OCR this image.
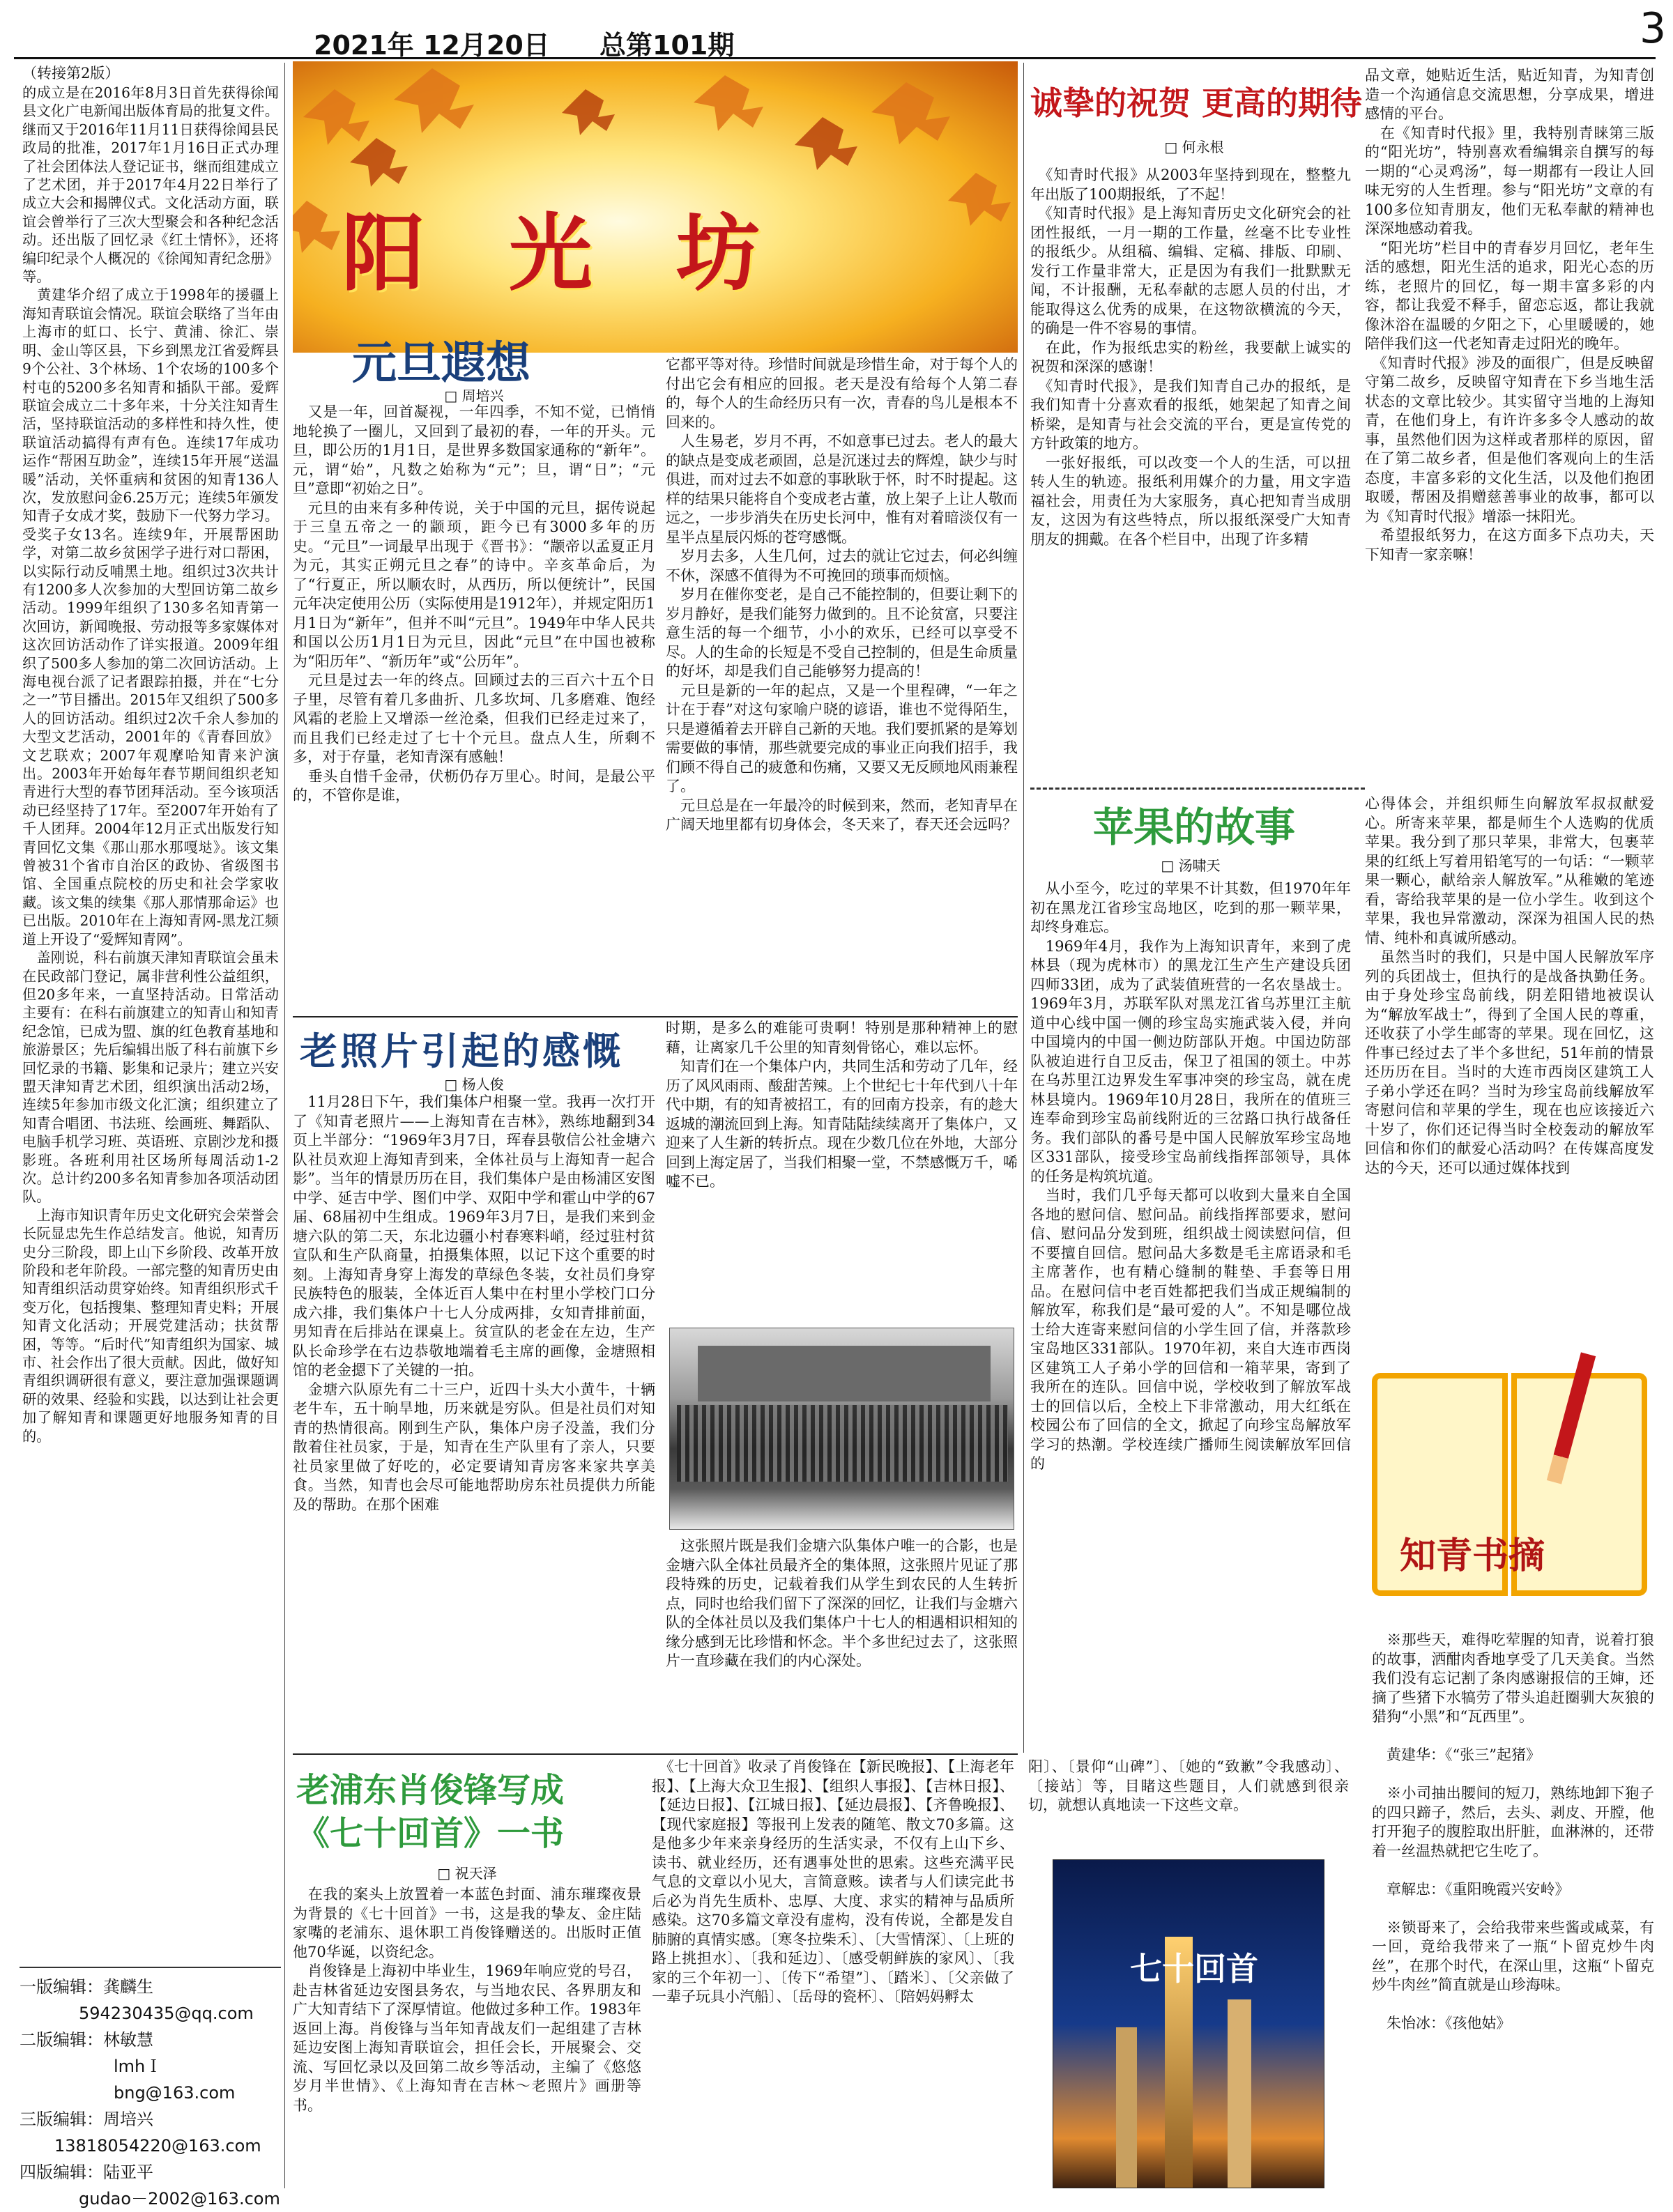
2021年 12月20日 总第101期	3
（转接第2版）
的成立是在2016年8月3日首先获得徐闻县文化广电新闻出版体育局的批复文件。继而又于2016年11月11日获得徐闻县民政局的批准，2017年1月16日正式办理了社会团体法人登记证书，继而组建成立了艺术团，并于2017年4月22日举行了成立大会和揭牌仪式。文化活动方面，联谊会曾举行了三次大型聚会和各种纪念活动。还出版了回忆录《红土情怀》，还将编印纪录个人概况的《徐闻知青纪念册》等。
　黄建华介绍了成立于1998年的援疆上海知青联谊会情况。联谊会联络了当年由上海市的虹口、长宁、黄浦、徐汇、崇明、金山等区县，下乡到黑龙江省爱辉县9个公社、3个林场、1个农场的100多个村屯的5200多名知青和插队干部。爱辉联谊会成立二十多年来，十分关注知青生活，坚持联谊活动的多样性和持久性，使联谊活动搞得有声有色。连续17年成功运作“帮困互助金”，连续15年开展“送温暖”活动，关怀重病和贫困的知青136人次，发放慰问金6.25万元；连续5年颁发知青子女成才奖，鼓励下一代努力学习。受奖子女13名。连续9年，开展帮困助学，对第二故乡贫困学子进行对口帮困，以实际行动反哺黑土地。组织过3次共计有1200多人次参加的大型回访第二故乡活动。1999年组织了130多名知青第一次回访，新闻晚报、劳动报等多家媒体对这次回访活动作了详实报道。2009年组织了500多人参加的第二次回访活动。上海电视台派了记者跟踪拍摄，并在“七分之一”节目播出。2015年又组织了500多人的回访活动。组织过2次千余人参加的大型文艺活动，2001年的《青春回放》文艺联欢；2007年观摩哈知青来沪演出。2003年开始每年春节期间组织老知青进行大型的春节团拜活动。至今该项活动已经坚持了17年。至2007年开始有了千人团拜。2004年12月正式出版发行知青回忆文集《那山那水那嘎垯》。该文集曾被31个省市自治区的政协、省级图书馆、全国重点院校的历史和社会学家收藏。该文集的续集《那人那情那命运》也已出版。2010年在上海知青网-黑龙江频道上开设了“爱辉知青网”。
　盖刚说，科右前旗天津知青联谊会虽未在民政部门登记，属非营利性公益组织，但20多年来，一直坚持活动。日常活动主要有：在科右前旗建立的知青山和知青纪念馆，已成为盟、旗的红色教育基地和旅游景区；先后编辑出版了科右前旗下乡回忆录的书籍、影集和记录片；建立兴安盟天津知青艺术团，组织演出活动2场，连续5年参加市级文化汇演；组织建立了知青合唱团、书法班、绘画班、舞蹈队、电脑手机学习班、英语班、京剧沙龙和摄影班。各班利用社区场所每周活动1-2次。总计约200多名知青参加各项活动团队。
　上海市知识青年历史文化研究会荣誉会长阮显忠先生作总结发言。他说，知青历史分三阶段，即上山下乡阶段、改革开放阶段和老年阶段。一部完整的知青历史由知青组织活动贯穿始终。知青组织形式千变万化，包括搜集、整理知青史料；开展知青文化活动；开展党建活动；扶贫帮困，等等。“后时代”知青组织为国家、城市、社会作出了很大贡献。因此，做好知青组织调研很有意义，要注意加强课题调研的效果、经验和实践，以达到让社会更加了解知青和课题更好地服务知青的目的。
一版编辑：龚麟生
594230435@qq.com
二版编辑：林敏慧
lmhＩbng@163.com
三版编辑：周培兴
13818054220@163.com
四版编辑：陆亚平
gudao－2002@163.com
阳光坊
元旦遐想
□ 周培兴
　又是一年，回首凝视，一年四季，不知不觉，已悄悄地轮换了一圈儿，又回到了最初的春，一年的开头。元旦，即公历的1月1日，是世界多数国家通称的“新年”。元，谓“始”，凡数之始称为“元”；旦，谓“日”；“元旦”意即“初始之日”。
　元旦的由来有多种传说，关于中国的元旦，据传说起于三皇五帝之一的颛顼，距今已有3000多年的历史。“元旦”一词最早出现于《晋书》：“颛帝以孟夏正月为元，其实正朔元旦之春”的诗中。辛亥革命后，为了“行夏正，所以顺农时，从西历，所以便统计”，民国元年决定使用公历（实际使用是1912年），并规定阳历1月1日为“新年”，但并不叫“元旦”。1949年中华人民共和国以公历1月1日为元旦，因此“元旦”在中国也被称为“阳历年”、“新历年”或“公历年”。
　元旦是过去一年的终点。回顾过去的三百六十五个日子里，尽管有着几多曲折、几多坎坷、几多磨难、饱经风霜的老脸上又增添一丝沧桑，但我们已经走过来了，而且我们已经走过了七十个元旦。盘点人生，所剩不多，对于存量，老知青深有感触！
　垂头自惜千金帚，伏枥仍存万里心。时间，是最公平的，不管你是谁，
它都平等对待。珍惜时间就是珍惜生命，对于每个人的付出它会有相应的回报。老天是没有给每个人第二春的，每个人的生命经历只有一次，青春的鸟儿是根本不回来的。
　人生易老，岁月不再，不如意事已过去。老人的最大的缺点是变成老顽固，总是沉迷过去的辉煌，缺少与时俱进，而对过去不如意的事耿耿于怀，时不时提起。这样的结果只能将自个变成老古董，放上架子上让人敬而远之，一步步消失在历史长河中，惟有对着暗淡仅有一星半点星辰闪烁的苍穹感慨。
　岁月去多，人生几何，过去的就让它过去，何必纠缠不休，深感不值得为不可挽回的琐事而烦恼。
　岁月在催你变老，是自己不能控制的，但要让剩下的岁月静好，是我们能努力做到的。且不论贫富，只要注意生活的每一个细节，小小的欢乐，已经可以享受不尽。人的生命的长短是不受自己控制的，但是生命质量的好坏，却是我们自己能够努力提高的！
　元旦是新的一年的起点，又是一个里程碑，“一年之计在于春”对这句家喻户晓的谚语，谁也不觉得陌生，只是遵循着去开辟自己新的天地。我们要抓紧的是筹划需要做的事情，那些就要完成的事业正向我们招手，我们顾不得自己的疲惫和伤痛，又要又无反顾地风雨兼程了。
　元旦总是在一年最冷的时候到来，然而，老知青早在广阔天地里都有切身体会，冬天来了，春天还会远吗？
老照片引起的感慨
□ 杨人俊
　11月28日下午，我们集体户相聚一堂。我再一次打开了《知青老照片——上海知青在吉林》，熟练地翻到34页上半部分：“1969年3月7日，珲春县敬信公社金塘六队社员欢迎上海知青到来，全体社员与上海知青一起合影”。当年的情景历历在目，我们集体户是由杨浦区安图中学、延吉中学、图们中学、双阳中学和霍山中学的67届、68届初中生组成。1969年3月7日，是我们来到金塘六队的第二天，东北边疆小村春寒料峭，经过驻村贫宣队和生产队商量，拍摄集体照，以记下这个重要的时刻。上海知青身穿上海发的草绿色冬装，女社员们身穿民族特色的服装，全体近百人集中在村里小学校门口分成六排，我们集体户十七人分成两排，女知青排前面，男知青在后排站在课桌上。贫宣队的老金在左边，生产队长命珍学在右边恭敬地端着毛主席的画像，金塘照相馆的老金摁下了关键的一拍。
　金塘六队原先有二十三户，近四十头大小黄牛，十辆老牛车，五十晌旱地，历来就是穷队。但是社员们对知青的热情很高。刚到生产队，集体户房子没盖，我们分散着住社员家，于是，知青在生产队里有了亲人，只要社员家里做了好吃的，必定要请知青房客来家共享美食。当然，知青也会尽可能地帮助房东社员提供力所能及的帮助。在那个困难
时期，是多么的难能可贵啊！特别是那种精神上的慰藉，让离家几千公里的知青刻骨铭心，难以忘怀。
　知青们在一个集体户内，共同生活和劳动了几年，经历了风风雨雨、酸甜苦辣。上个世纪七十年代到八十年代中期，有的知青被招工，有的回南方投亲，有的趁大返城的潮流回到上海。知青陆陆续续离开了集体户，又迎来了人生新的转折点。现在少数几位在外地，大部分回到上海定居了，当我们相聚一堂，不禁感慨万千，唏嘘不已。
　这张照片既是我们金塘六队集体户唯一的合影，也是金塘六队全体社员最齐全的集体照，这张照片见证了那段特殊的历史，记载着我们从学生到农民的人生转折点，同时也给我们留下了深深的回忆，让我们与金塘六队的全体社员以及我们集体户十七人的相遇相识相知的缘分感到无比珍惜和怀念。半个多世纪过去了，这张照片一直珍藏在我们的内心深处。
老浦东肖俊锋写成
《七十回首》一书
□ 祝天泽
　在我的案头上放置着一本蓝色封面、浦东璀璨夜景为背景的《七十回首》一书，这是我的挚友、金庄陆家嘴的老浦东、退休职工肖俊锋赠送的。出版时正值他70华诞，以资纪念。
　肖俊锋是上海初中毕业生，1969年响应党的号召，赴吉林省延边安图县务农，与当地农民、各界朋友和广大知青结下了深厚情谊。他做过多种工作。1983年返回上海。肖俊锋与当年知青战友们一起组建了吉林延边安图上海知青联谊会，担任会长，开展聚会、交流、写回忆录以及回第二故乡等活动，主编了《悠悠岁月半世情》、《上海知青在吉林～老照片》画册等书。
　《七十回首》收录了肖俊锋在【新民晚报】、【上海老年报】、【上海大众卫生报】、【组织人事报】、【吉林日报】、【延边日报】、【江城日报】、【延边晨报】、【齐鲁晚报】、【现代家庭报】等报刊上发表的随笔、散文70多篇。这是他多少年来亲身经历的生活实录，不仅有上山下乡、读书、就业经历，还有遇事处世的思索。这些充满平民气息的文章以小见大，言简意赅。读者与人们读完此书后必为肖先生质朴、忠厚、大度、求实的精神与品质所感染。这70多篇文章没有虚构，没有传说，全都是发自肺腑的真情实感。〔寒冬拉柴禾〕、〔大雪情深〕、〔上班的路上挑担水〕、〔我和延边〕、〔感受朝鲜族的家风〕、〔我家的三个年初一〕、〔传下“希望”〕、〔踏米〕、〔父亲做了一辈子玩具小汽船〕、〔岳母的瓷杯〕、〔陪妈妈孵太
阳〕、〔景仰“山碑”〕、〔她的“致歉”令我感动〕、〔接站〕等，目睹这些题目，人们就感到很亲切，就想认真地读一下这些文章。
七十回首
诚挚的祝贺 更高的期待
□ 何永根
　《知青时代报》从2003年坚持到现在，整整九年出版了100期报纸，了不起！
　《知青时代报》是上海知青历史文化研究会的社团性报纸，一月一期的工作量，丝毫不比专业性的报纸少。从组稿、编辑、定稿、排版、印刷、发行工作量非常大，正是因为有我们一批默默无闻，不计报酬，无私奉献的志愿人员的付出，才能取得这么优秀的成果，在这物欲横流的今天，的确是一件不容易的事情。
　在此，作为报纸忠实的粉丝，我要献上诚实的祝贺和深深的感谢！
　《知青时代报》，是我们知青自己办的报纸，是我们知青十分喜欢看的报纸，她架起了知青之间桥梁，是知青与社会交流的平台，更是宣传党的方针政策的地方。
　一张好报纸，可以改变一个人的生活，可以扭转人生的轨迹。报纸利用媒介的力量，用文字造福社会，用责任为大家服务，真心把知青当成朋友，这因为有这些特点，所以报纸深受广大知青朋友的拥戴。在各个栏目中，出现了许多精
品文章，她贴近生活，贴近知青，为知青创造一个沟通信息交流思想，分享成果，增进感情的平台。
　在《知青时代报》里，我特别青睐第三版的“阳光坊”，特别喜欢看编辑亲自撰写的每一期的“心灵鸡汤”，每一期都有一段让人回味无穷的人生哲理。参与“阳光坊”文章的有100多位知青朋友，他们无私奉献的精神也深深地感动着我。
　“阳光坊”栏目中的青春岁月回忆，老年生活的感想，阳光生活的追求，阳光心态的历练，老照片的回忆，每一期丰富多彩的内容，都让我爱不释手，留恋忘返，都让我就像沐浴在温暖的夕阳之下，心里暖暖的，她陪伴我们这一代老知青走过阳光的晚年。
　《知青时代报》涉及的面很广，但是反映留守第二故乡，反映留守知青在下乡当地生活状态的文章比较少。其实留守当地的上海知青，在他们身上，有许许多多令人感动的故事，虽然他们因为这样或者那样的原因，留在了第二故乡者，但是他们客观向上的生活态度，丰富多彩的文化生活，以及他们抱团取暖，帮困及捐赠慈善事业的故事，都可以为《知青时代报》增添一抹阳光。
　希望报纸努力，在这方面多下点功夫，天下知青一家亲嘛！
苹果的故事
□ 汤啸天
　从小至今，吃过的苹果不计其数，但1970年年初在黑龙江省珍宝岛地区，吃到的那一颗苹果，却终身难忘。
　1969年4月，我作为上海知识青年，来到了虎林县（现为虎林市）的黑龙江生产生产建设兵团四师33团，成为了武装值班营的一名农垦战士。1969年3月，苏联军队对黑龙江省乌苏里江主航道中心线中国一侧的珍宝岛实施武装入侵，并向中国境内的中国一侧边防部队开炮。中国边防部队被迫进行自卫反击，保卫了祖国的领土。中苏在乌苏里江边界发生军事冲突的珍宝岛，就在虎林县境内。1969年10月28日，我所在的值班三连奉命到珍宝岛前线附近的三岔路口执行战备任务。我们部队的番号是中国人民解放军珍宝岛地区331部队，接受珍宝岛前线指挥部领导，具体的任务是构筑坑道。
　当时，我们几乎每天都可以收到大量来自全国各地的慰问信、慰问品。前线指挥部要求，慰问信、慰问品分发到班，组织战士阅读慰问信，但不要擅自回信。慰问品大多数是毛主席语录和毛主席著作，也有精心缝制的鞋垫、手套等日用品。在慰问信中老百姓都把我们当成正规编制的解放军，称我们是“最可爱的人”。不知是哪位战士给大连寄来慰问信的小学生回了信，并落款珍宝岛地区331部队。1970年初，来自大连市西岗区建筑工人子弟小学的回信和一箱苹果，寄到了我所在的连队。回信中说，学校收到了解放军战士的回信以后，全校上下非常激动，用大红纸在校园公布了回信的全文，掀起了向珍宝岛解放军学习的热潮。学校连续广播师生阅读解放军回信的
心得体会，并组织师生向解放军叔叔献爱心。所寄来苹果，都是师生个人选购的优质苹果。我分到了那只苹果，非常大，包裹苹果的红纸上写着用铅笔写的一句话：“一颗苹果一颗心，献给亲人解放军。”从稚嫩的笔迹看，寄给我苹果的是一位小学生。收到这个苹果，我也异常激动，深深为祖国人民的热情、纯朴和真诚所感动。
　虽然当时的我们，只是中国人民解放军序列的兵团战士，但执行的是战备执勤任务。由于身处珍宝岛前线，阴差阳错地被误认为“解放军战士”，得到了全国人民的尊重，还收获了小学生邮寄的苹果。现在回忆，这件事已经过去了半个多世纪，51年前的情景还历历在目。当时的大连市西岗区建筑工人子弟小学还在吗？当时为珍宝岛前线解放军寄慰问信和苹果的学生，现在也应该接近六十岁了，你们还记得当时全校轰动的解放军回信和你们的献爱心活动吗？在传媒高度发达的今天，还可以通过媒体找到
知青书摘
　※那些天，难得吃荤腥的知青，说着打狼的故事，洒酣肉香地享受了几天美食。当然我们没有忘记割了条肉感谢报信的王婶，还摘了些猪下水犒劳了带头追赶圈驯大灰狼的猎狗“小黑”和“瓦西里”。

　黄建华：《“张三”起猪》

　※小司抽出腰间的短刀，熟练地卸下狍子的四只蹄子，然后，去头、剥皮、开膛，他打开狍子的腹腔取出肝脏，血淋淋的，还带着一丝温热就把它生吃了。

　章解忠：《重阳晚霞兴安岭》

　※锁哥来了，会给我带来些酱或咸菜，有一回，竟给我带来了一瓶“卜留克炒牛肉丝”，在那个时代，在深山里，这瓶“卜留克炒牛肉丝”简直就是山珍海味。

　朱怡冰：《孩他姑》
